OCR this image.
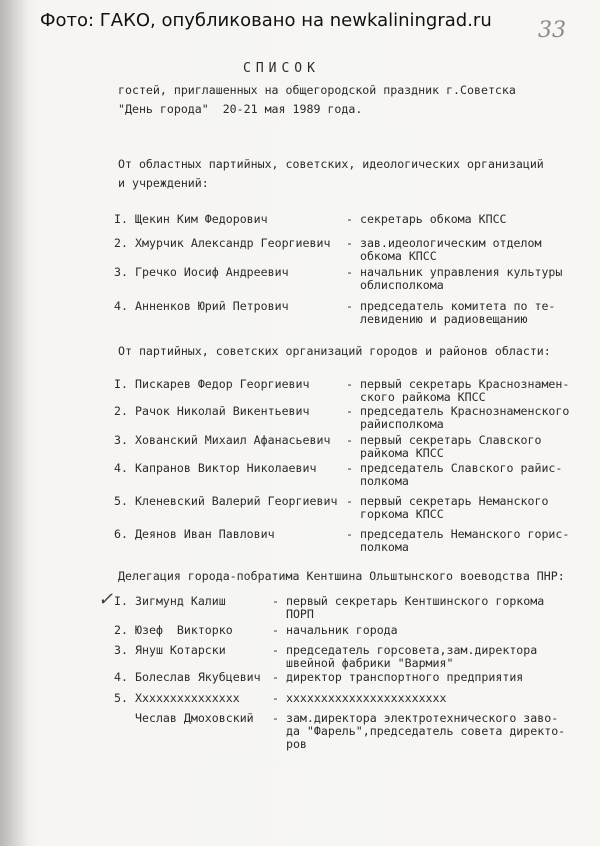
Фото: ГАКО, опубликовано на newkaliningrad.ru 33
СПИСОК
гостей, приглашенных на общегородской праздник г.Советска
"День города"  20-21 мая 1989 года.
От областных партийных, советских, идеологических организаций
и учреждений:
I. Щекин Ким Федорович	- секретарь обкома КПСС
2. Хмурчик Александр Георгиевич - зав.идеологическим отделом
обкома КПСС
3. Гречко Иосиф Андреевич	- начальник управления культуры
облисполкома
4. Анненков Юрий Петрович	- председатель комитета по те-
левидению и радиовещанию
От партийных, советских организаций городов и районов области:
I. Пискарев Федор Георгиевич	- первый секретарь Краснознамен-
ского райкома КПСС
2. Рачок Николай Викентьевич	- председатель Краснознаменского
райисполкома
3. Хованский Михаил Афанасьевич - первый секретарь Славского
райкома КПСС
4. Капранов Виктор Николаевич	- председатель Славского райис-
полкома
5. Кленевский Валерий Георгиевич - первый секретарь Неманского
горкома КПСС
6. Деянов Иван Павлович	- председатель Неманского горис-
полкома
Делегация города-побратима Кентшина Ольштынского воеводства ПНР:
I. Зигмунд Калиш	- первый секретарь Кентшинского горкома
ПОРП
2. Юзеф  Викторко	- начальник города
3. Януш Котарски	- председатель горсовета,зам.директора
швейной фабрики "Вармия"
4. Болеслав Якубцевич - директор транспортного предприятия
5. Ххххххххххххххх	- ххххххххххххххххххххххх
Чеслав Дмоховский - зам.директора электротехнического заво-
да "Фарель",председатель совета директо-
ров
✓
